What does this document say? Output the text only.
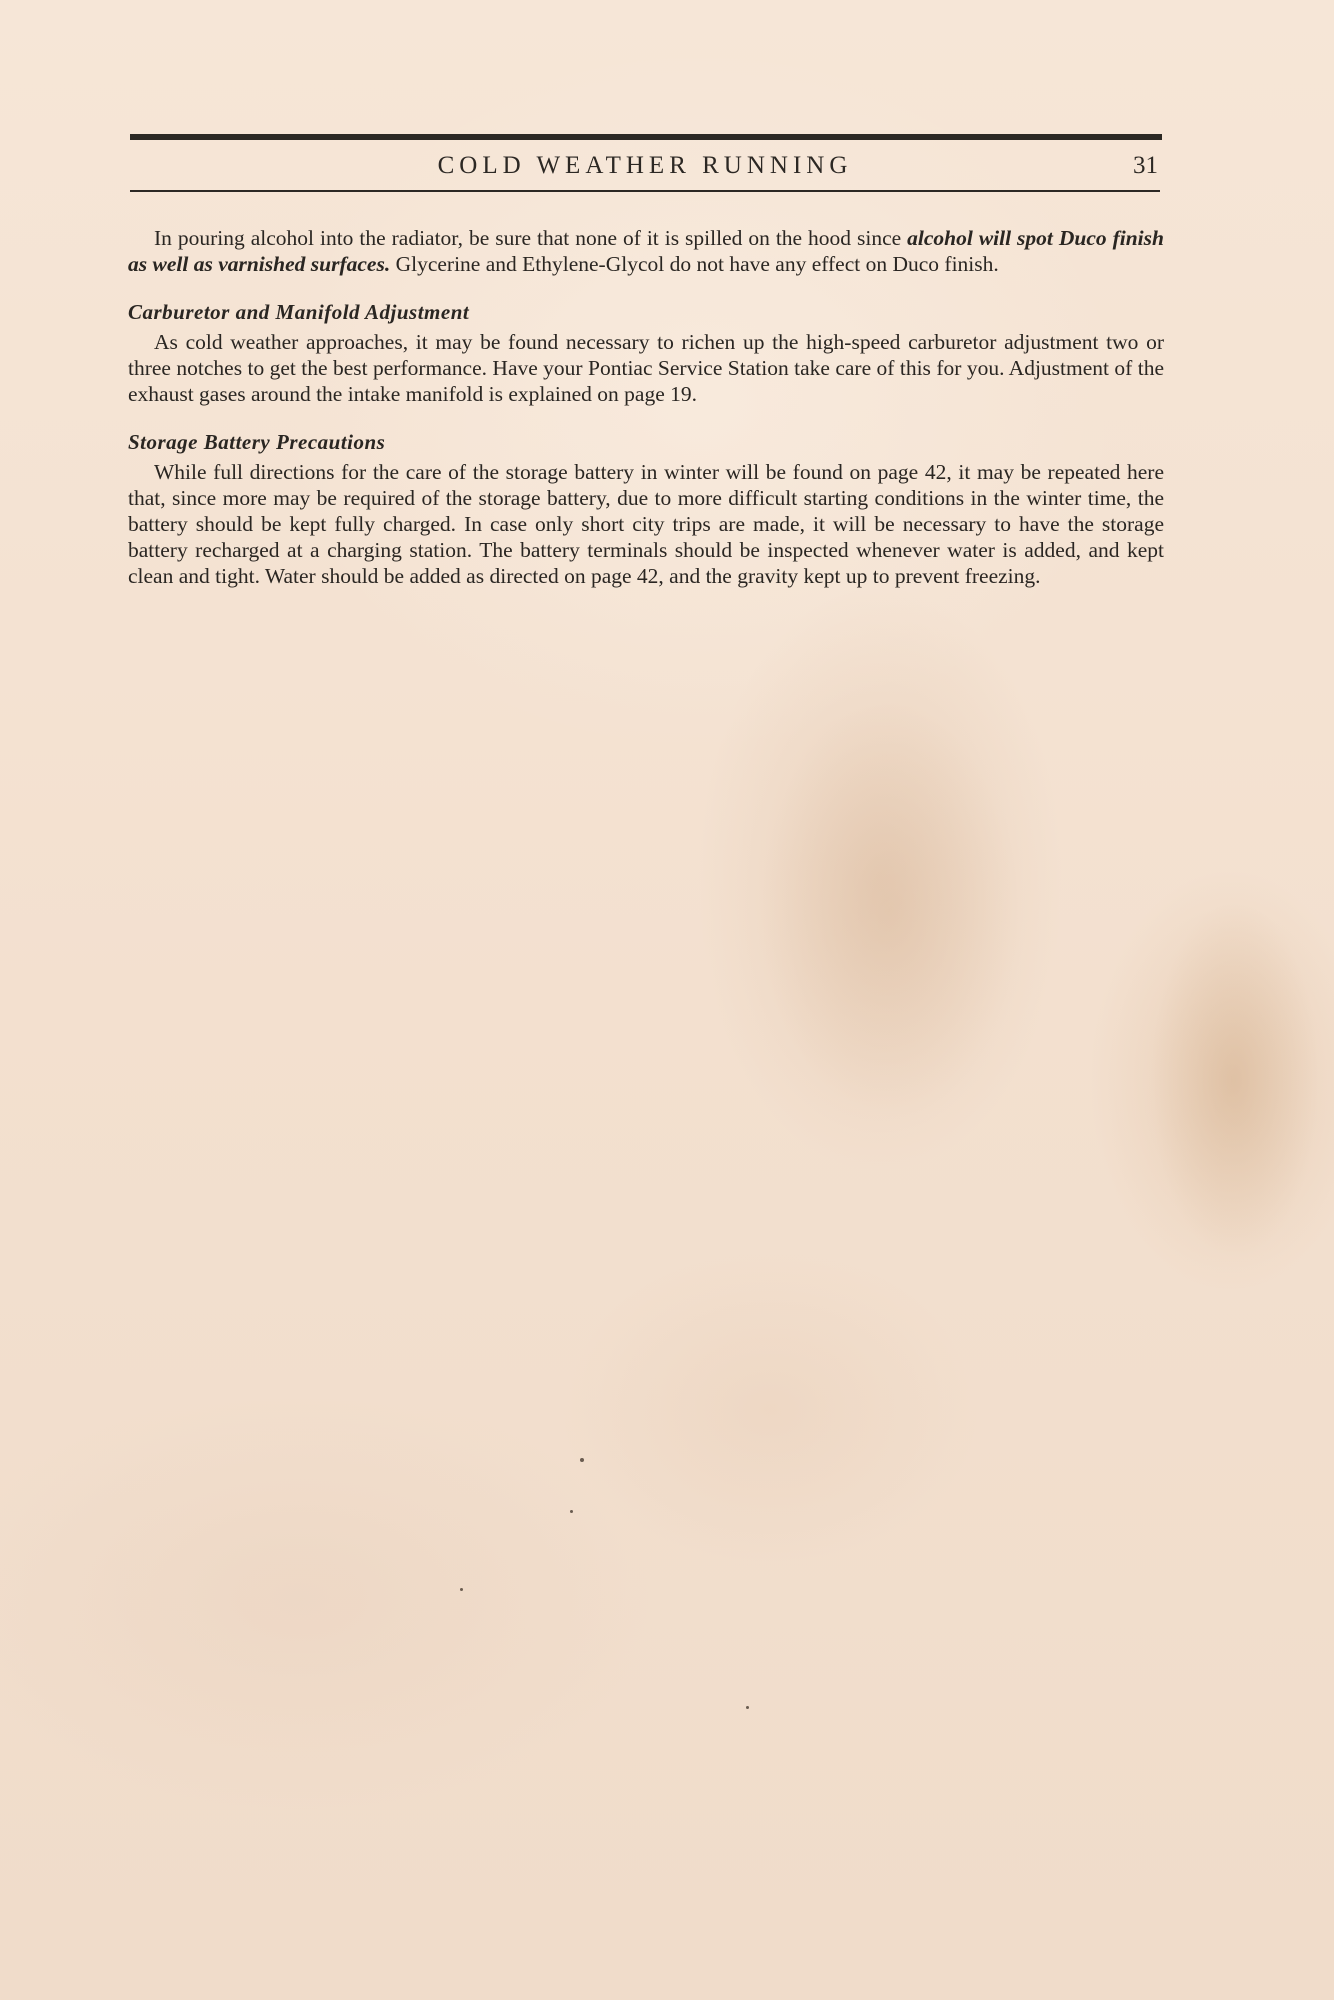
COLD WEATHER RUNNING	31

In pouring alcohol into the radiator, be sure that none of it is spilled on the hood since alcohol will spot Duco finish as well as varnished surfaces. Glycerine and Ethylene-Glycol do not have any effect on Duco finish.

Carburetor and Manifold Adjustment

As cold weather approaches, it may be found necessary to richen up the high-speed carburetor adjustment two or three notches to get the best performance. Have your Pontiac Service Station take care of this for you. Adjustment of the exhaust gases around the intake manifold is explained on page 19.

Storage Battery Precautions

While full directions for the care of the storage battery in winter will be found on page 42, it may be repeated here that, since more may be required of the storage battery, due to more difficult starting conditions in the winter time, the battery should be kept fully charged. In case only short city trips are made, it will be necessary to have the storage battery recharged at a charging station. The battery terminals should be inspected whenever water is added, and kept clean and tight. Water should be added as directed on page 42, and the gravity kept up to prevent freezing.
